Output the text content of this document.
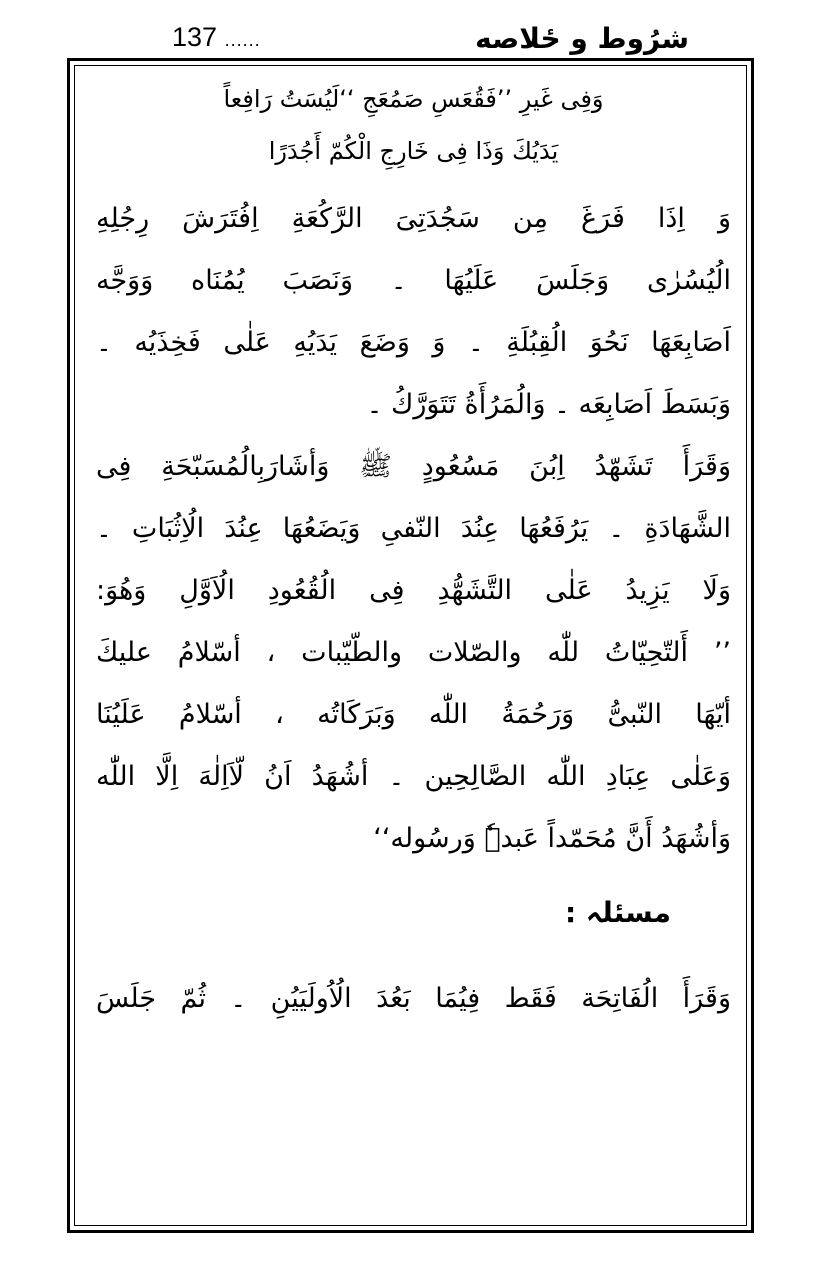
شرُوط و ځلاصه
137 ......
وَفِی غَیرِ ’’فَقُعَسِ صَمُعَجِ ‘‘لَیُسَتُ رَافِعاً
یَدَیُكَ وَذَا فِی خَارِجِ الْکُمّ أَجُدَرًا
وَ اِذَا فَرَغَ مِن سَجُدَتِیَ الرَّکُعَةِ اِفُتَرَشَ رِجُلِهِ
الُیُسُرٰی وَجَلَسَ عَلَیُهَا ۔ وَنَصَبَ یُمُنَاه وَوَجَّه
اَصَابِعَهَا نَحُوَ الُقِبُلَةِ ۔ وَ وَضَعَ یَدَیُهِ عَلٰی فَخِذَیُه ۔
وَبَسَطَ اَصَابِعَه ۔ وَالُمَرُأَةُ تَتَوَرَّكُ ۔
وَقَرَأَ تَشَهّدُ اِبُنَ مَسُعُودٍ ﷺ وَأشَارَبِالُمُسَبّحَةِ فِی
الشَّهَادَةِ ۔ یَرُفَعُهَا عِنُدَ النّفیِ وَیَضَعُهَا عِنُدَ الُاِثُبَاتِ ۔
وَلَا یَزِیدُ عَلٰی التَّشَهُّدِ فِی الُقُعُودِ الُاَوَّلِ وَهُوَ:
’’ أَلتّحِیّاتُ للّٰه والصّلات والطّیّبات ، أسّلامُ علیكَ
أیّهَا النّبیُّ وَرَحُمَةُ اللّٰه وَبَرَکَاتُه ، أسّلامُ عَلَیُنَا
وَعَلٰی عِبَادِ اللّٰه الصَّالِحِین ۔ أشُهَدُ اَنُ لّاَاِلٰهَ اِلَّا اللّٰه
وَأشُهَدُ أَنَّ مُحَمّداً عَبدہٗ وَرسُوله‘‘
مسئلہ :
وَقَرَأَ الُفَاتِحَة فَقَط فِیُمَا بَعُدَ الُاُولَیَیُنِ ۔ ثُمّ جَلَسَ
